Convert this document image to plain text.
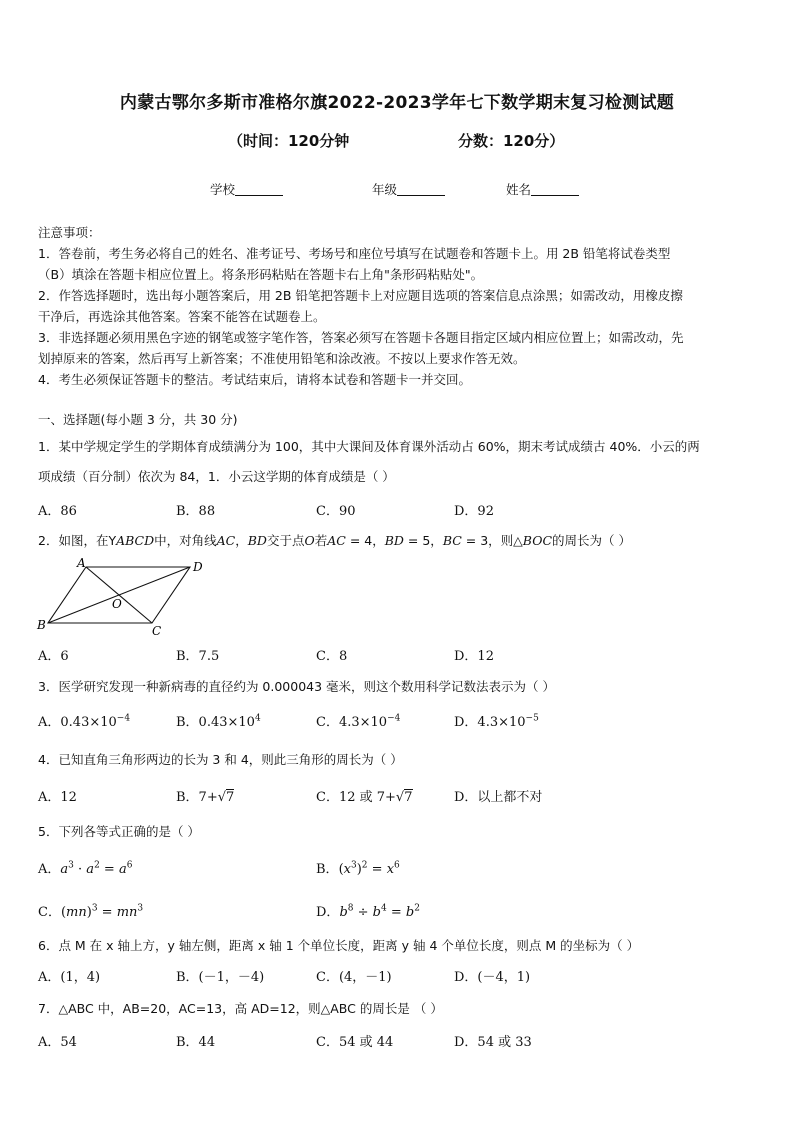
内蒙古鄂尔多斯市准格尔旗2022-2023学年七下数学期末复习检测试题
（时间：120分钟	分数：120分）
学校	年级	姓名
注意事项：
1．答卷前，考生务必将自己的姓名、准考证号、考场号和座位号填写在试题卷和答题卡上。用 2B 铅笔将试卷类型
（B）填涂在答题卡相应位置上。将条形码粘贴在答题卡右上角"条形码粘贴处"。
2．作答选择题时，选出每小题答案后，用 2B 铅笔把答题卡上对应题目选项的答案信息点涂黑；如需改动，用橡皮擦
干净后，再选涂其他答案。答案不能答在试题卷上。
3．非选择题必须用黑色字迹的钢笔或签字笔作答，答案必须写在答题卡各题目指定区域内相应位置上；如需改动，先
划掉原来的答案，然后再写上新答案；不准使用铅笔和涂改液。不按以上要求作答无效。
4．考生必须保证答题卡的整洁。考试结束后，请将本试卷和答题卡一并交回。
一、选择题(每小题 3 分，共 30 分)
1．某中学规定学生的学期体育成绩满分为 100，其中大课间及体育课外活动占 60%，期末考试成绩古 40%．小云的两
项成绩（百分制）依次为 84，1．小云这学期的体育成绩是（ ）
A．86	B．88	C．90	D．92
2．如图，在YABCD中，对角线AC，BD交于点O若AC = 4，BD = 5，BC = 3，则△BOC的周长为（ ）
A	D
O
B	C
A．6	B．7.5	C．8	D．12
3．医学研究发现一种新病毒的直径约为 0.000043 毫米，则这个数用科学记数法表示为（ ）
A．$0.43\times 10^{-4}$	B．$0.43\times 10^4$	C．$4.3\times 10^{-4}$	D．$4.3\times 10^{-5}$
4．已知直角三角形两边的长为 3 和 4，则此三角形的周长为（ ）
A．12	B．7+√7	C．12 或 7+√7	D．以上都不对
5．下列各等式正确的是（ ）
A．$a^3 \cdot a^2 = a^6$	B．$(x^3)^2 = x^6$
C．$(mn)^3 = mn^3$	D．$b^8 \div b^4 = b^2$
6．点 M 在 x 轴上方，y 轴左侧，距离 x 轴 1 个单位长度，距离 y 轴 4 个单位长度，则点 M 的坐标为（ ）
A．(1，4)	B．(－1，－4)	C．(4，－1)	D．(－4，1)
7．△ABC 中，AB=20，AC=13，高 AD=12，则△ABC 的周长是 （ ）
A．54	B．44	C．54 或 44	D．54 或 33
